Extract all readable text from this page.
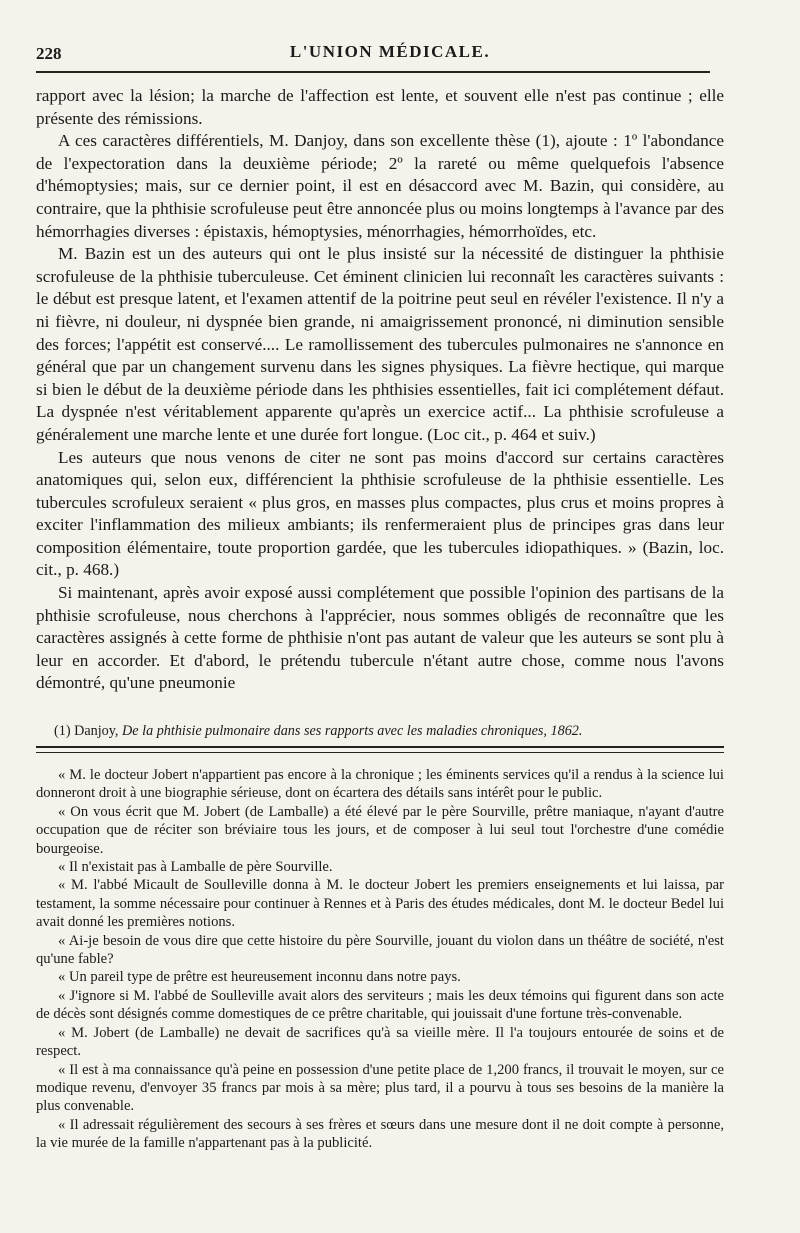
228	L'UNION MÉDICALE.

rapport avec la lésion; la marche de l'affection est lente, et souvent elle n'est pas continue ; elle présente des rémissions.

A ces caractères différentiels, M. Danjoy, dans son excellente thèse (1), ajoute : 1º l'abondance de l'expectoration dans la deuxième période; 2º la rareté ou même quelquefois l'absence d'hémoptysies; mais, sur ce dernier point, il est en désaccord avec M. Bazin, qui considère, au contraire, que la phthisie scrofuleuse peut être annoncée plus ou moins longtemps à l'avance par des hémorrhagies diverses : épistaxis, hémoptysies, ménorrhagies, hémorrhoïdes, etc.

M. Bazin est un des auteurs qui ont le plus insisté sur la nécessité de distinguer la phthisie scrofuleuse de la phthisie tuberculeuse. Cet éminent clinicien lui reconnaît les caractères suivants : le début est presque latent, et l'examen attentif de la poitrine peut seul en révéler l'existence. Il n'y a ni fièvre, ni douleur, ni dyspnée bien grande, ni amaigrissement prononcé, ni diminution sensible des forces; l'appétit est conservé.... Le ramollissement des tubercules pulmonaires ne s'annonce en général que par un changement survenu dans les signes physiques. La fièvre hectique, qui marque si bien le début de la deuxième période dans les phthisies essentielles, fait ici complétement défaut. La dyspnée n'est véritablement apparente qu'après un exercice actif... La phthisie scrofuleuse a généralement une marche lente et une durée fort longue. (Loc cit., p. 464 et suiv.)

Les auteurs que nous venons de citer ne sont pas moins d'accord sur certains caractères anatomiques qui, selon eux, différencient la phthisie scrofuleuse de la phthisie essentielle. Les tubercules scrofuleux seraient « plus gros, en masses plus compactes, plus crus et moins propres à exciter l'inflammation des milieux ambiants; ils renfermeraient plus de principes gras dans leur composition élémentaire, toute proportion gardée, que les tubercules idiopathiques. » (Bazin, loc. cit., p. 468.)

Si maintenant, après avoir exposé aussi complétement que possible l'opinion des partisans de la phthisie scrofuleuse, nous cherchons à l'apprécier, nous sommes obligés de reconnaître que les caractères assignés à cette forme de phthisie n'ont pas autant de valeur que les auteurs se sont plu à leur en accorder. Et d'abord, le prétendu tubercule n'étant autre chose, comme nous l'avons démontré, qu'une pneumonie

(1) Danjoy, De la phthisie pulmonaire dans ses rapports avec les maladies chroniques, 1862.

« M. le docteur Jobert n'appartient pas encore à la chronique ; les éminents services qu'il a rendus à la science lui donneront droit à une biographie sérieuse, dont on écartera des détails sans intérêt pour le public.

« On vous écrit que M. Jobert (de Lamballe) a été élevé par le père Sourville, prêtre maniaque, n'ayant d'autre occupation que de réciter son bréviaire tous les jours, et de composer à lui seul tout l'orchestre d'une comédie bourgeoise.

« Il n'existait pas à Lamballe de père Sourville.

« M. l'abbé Micault de Soulleville donna à M. le docteur Jobert les premiers enseignements et lui laissa, par testament, la somme nécessaire pour continuer à Rennes et à Paris des études médicales, dont M. le docteur Bedel lui avait donné les premières notions.

« Ai-je besoin de vous dire que cette histoire du père Sourville, jouant du violon dans un théâtre de société, n'est qu'une fable?

« Un pareil type de prêtre est heureusement inconnu dans notre pays.

« J'ignore si M. l'abbé de Soulleville avait alors des serviteurs ; mais les deux témoins qui figurent dans son acte de décès sont désignés comme domestiques de ce prêtre charitable, qui jouissait d'une fortune très-convenable.

« M. Jobert (de Lamballe) ne devait de sacrifices qu'à sa vieille mère. Il l'a toujours entourée de soins et de respect.

« Il est à ma connaissance qu'à peine en possession d'une petite place de 1,200 francs, il trouvait le moyen, sur ce modique revenu, d'envoyer 35 francs par mois à sa mère; plus tard, il a pourvu à tous ses besoins de la manière la plus convenable.

« Il adressait régulièrement des secours à ses frères et sœurs dans une mesure dont il ne doit compte à personne, la vie murée de la famille n'appartenant pas à la publicité.
